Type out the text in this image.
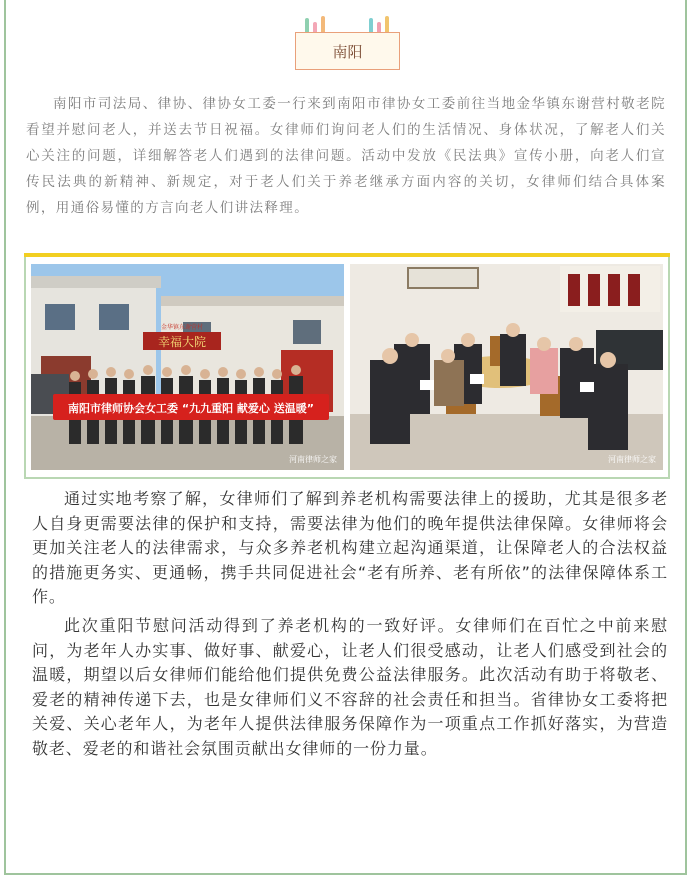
南阳

南阳市司法局、律协、律协女工委一行来到南阳市律协女工委前往当地金华镇东谢营村敬老院看望并慰问老人，并送去节日祝福。女律师们询问老人们的生活情况、身体状况，了解老人们关心关注的问题，详细解答老人们遇到的法律问题。活动中发放《民法典》宣传小册，向老人们宣传民法典的新精神、新规定，对于老人们关于养老继承方面内容的关切，女律师们结合具体案例，用通俗易懂的方言向老人们讲法释理。

幸福大院
金华镇东谢营村
南阳市律师协会女工委 “九九重阳 献爱心 送温暖”
河南律师之家	河南律师之家

通过实地考察了解，女律师们了解到养老机构需要法律上的援助，尤其是很多老人自身更需要法律的保护和支持，需要法律为他们的晚年提供法律保障。女律师将会更加关注老人的法律需求，与众多养老机构建立起沟通渠道，让保障老人的合法权益的措施更务实、更通畅，携手共同促进社会“老有所养、老有所依”的法律保障体系工作。

此次重阳节慰问活动得到了养老机构的一致好评。女律师们在百忙之中前来慰问，为老年人办实事、做好事、献爱心，让老人们很受感动，让老人们感受到社会的温暖，期望以后女律师们能给他们提供免费公益法律服务。此次活动有助于将敬老、爱老的精神传递下去，也是女律师们义不容辞的社会责任和担当。省律协女工委将把关爱、关心老年人，为老年人提供法律服务保障作为一项重点工作抓好落实，为营造敬老、爱老的和谐社会氛围贡献出女律师的一份力量。
